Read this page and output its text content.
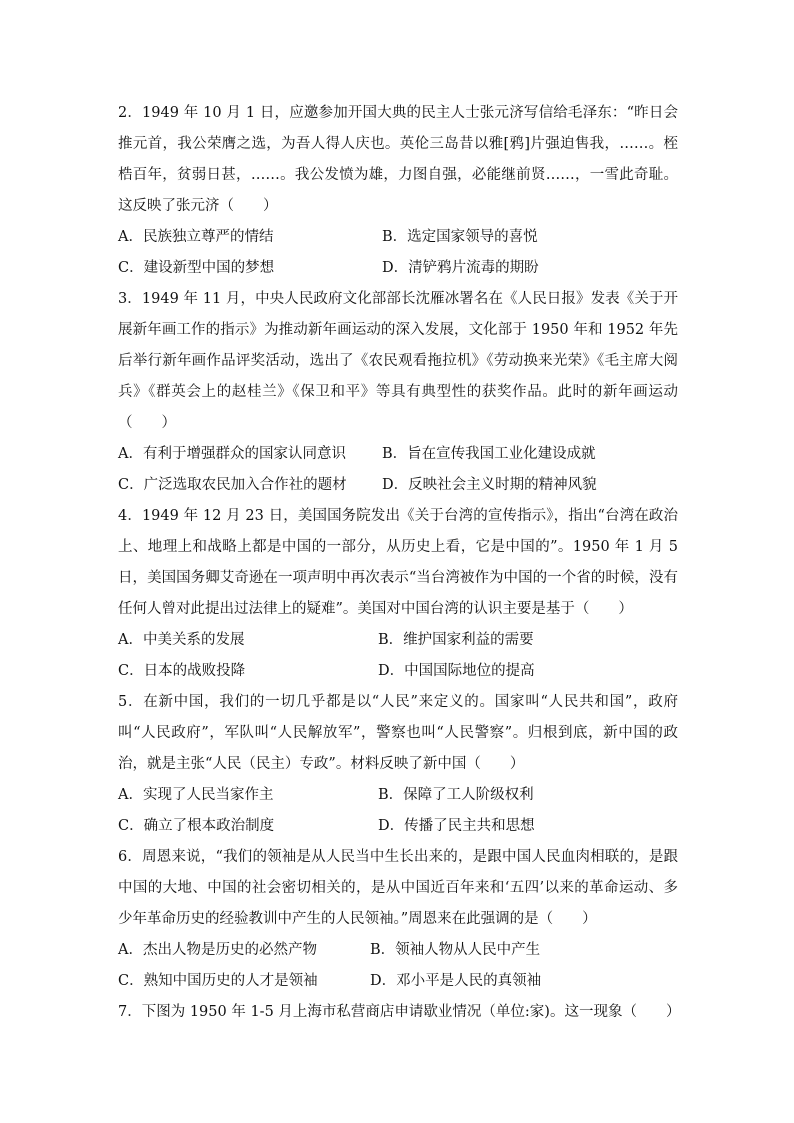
2．1949 年 10 月 1 日，应邀参加开国大典的民主人士张元济写信给毛泽东：“昨日会推元首，我公荣膺之选，为吾人得人庆也。英伦三岛昔以雅[鸦]片强迫售我，……。桎梏百年，贫弱日甚，……。我公发愤为雄，力图自强，必能继前贤……，一雪此奇耻。这反映了张元济（　　）

A．民族独立尊严的情结	B．选定国家领导的喜悦
C．建设新型中国的梦想	D．清铲鸦片流毒的期盼

3．1949 年 11 月，中央人民政府文化部部长沈雁冰署名在《人民日报》发表《关于开展新年画工作的指示》为推动新年画运动的深入发展，文化部于 1950 年和 1952 年先后举行新年画作品评奖活动，选出了《农民观看拖拉机》《劳动换来光荣》《毛主席大阅兵》《群英会上的赵桂兰》《保卫和平》等具有典型性的获奖作品。此时的新年画运动（　　）

A．有利于增强群众的国家认同意识	B．旨在宣传我国工业化建设成就
C．广泛选取农民加入合作社的题材	D．反映社会主义时期的精神风貌

4．1949 年 12 月 23 日，美国国务院发出《关于台湾的宣传指示》，指出“台湾在政治上、地理上和战略上都是中国的一部分，从历史上看，它是中国的”。1950 年 1 月 5 日，美国国务卿艾奇逊在一项声明中再次表示“当台湾被作为中国的一个省的时候，没有任何人曾对此提出过法律上的疑难”。美国对中国台湾的认识主要是基于（　　）

A．中美关系的发展	B．维护国家利益的需要
C．日本的战败投降	D．中国国际地位的提高

5．在新中国，我们的一切几乎都是以“人民”来定义的。国家叫“人民共和国”，政府叫“人民政府”，军队叫“人民解放军”，警察也叫“人民警察”。归根到底，新中国的政治，就是主张“人民（民主）专政”。材料反映了新中国（　　）

A．实现了人民当家作主	B．保障了工人阶级权利
C．确立了根本政治制度	D．传播了民主共和思想

6．周恩来说，“我们的领袖是从人民当中生长出来的，是跟中国人民血肉相联的，是跟中国的大地、中国的社会密切相关的，是从中国近百年来和‘五四’以来的革命运动、多少年革命历史的经验教训中产生的人民领袖。”周恩来在此强调的是（　　）

A．杰出人物是历史的必然产物	B．领袖人物从人民中产生
C．熟知中国历史的人才是领袖	D．邓小平是人民的真领袖

7．下图为 1950 年 1-5 月上海市私营商店申请歇业情况（单位:家)。这一现象（　　）
